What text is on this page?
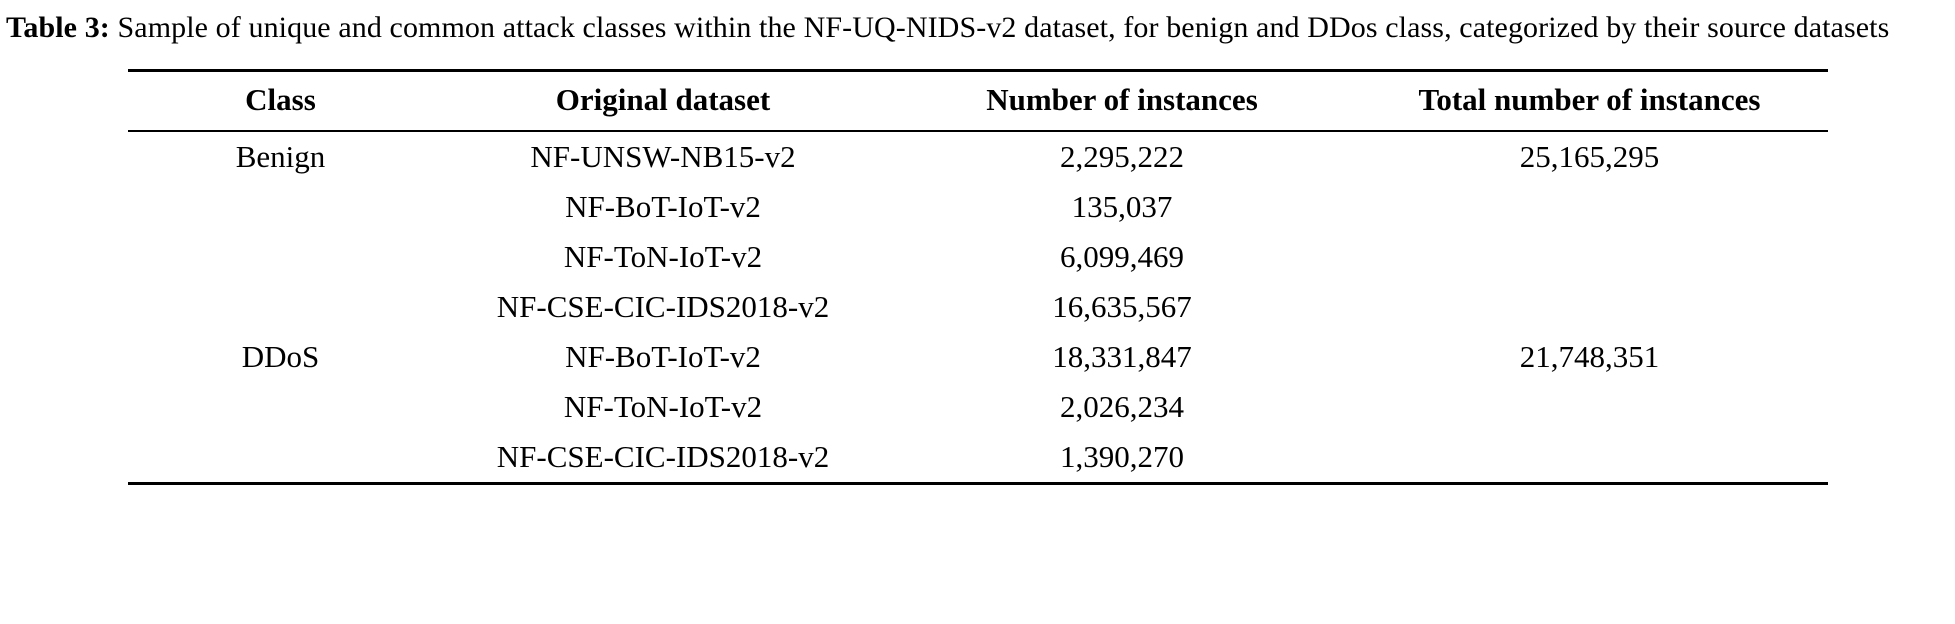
Table 3: Sample of unique and common attack classes within the NF-UQ-NIDS-v2 dataset, for benign and DDos class, categorized by their source datasets
Class	Original dataset	Number of instances	Total number of instances
Benign	NF-UNSW-NB15-v2	2,295,222	25,165,295
	NF-BoT-IoT-v2	135,037	
	NF-ToN-IoT-v2	6,099,469	
	NF-CSE-CIC-IDS2018-v2	16,635,567	
DDoS	NF-BoT-IoT-v2	18,331,847	21,748,351
	NF-ToN-IoT-v2	2,026,234	
	NF-CSE-CIC-IDS2018-v2	1,390,270	
